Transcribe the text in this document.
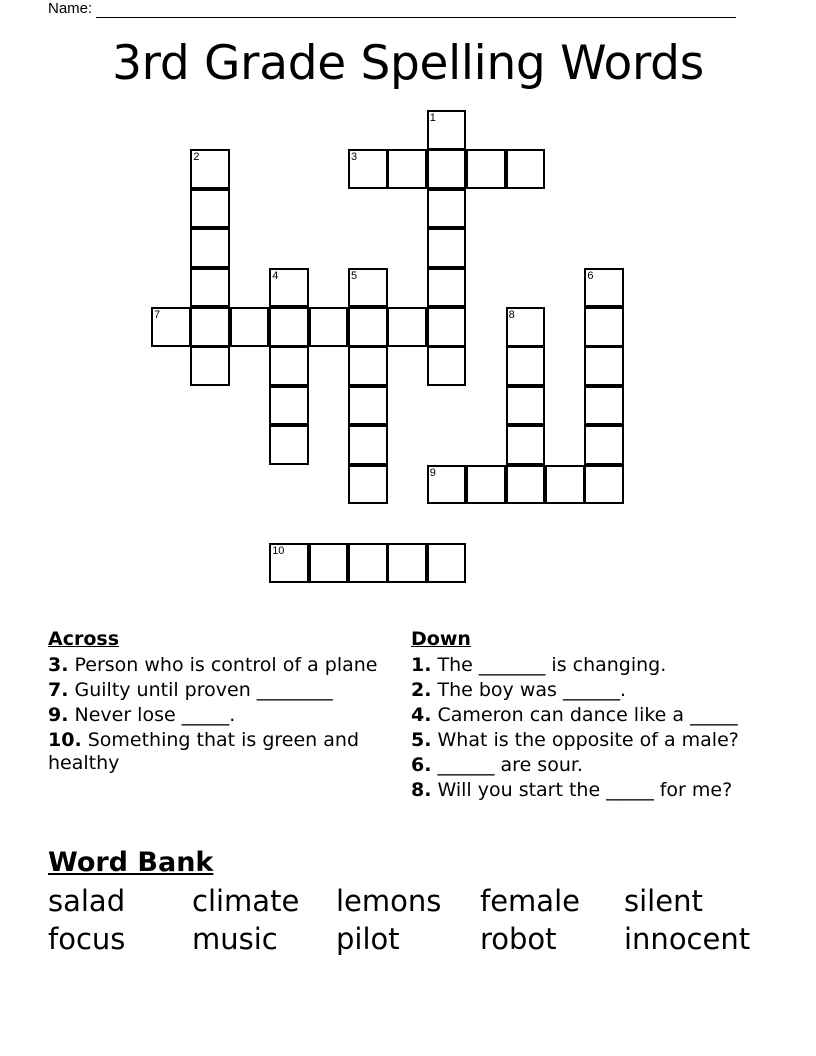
Name:
3rd Grade Spelling Words
1
2	3
4	5	6
7	8
9
10
Across
3. Person who is control of a plane
7. Guilty until proven ________
9. Never lose _____.
10. Something that is green and healthy
Down
1. The _______ is changing.
2. The boy was ______.
4. Cameron can dance like a _____
5. What is the opposite of a male?
6. ______ are sour.
8. Will you start the _____ for me?
Word Bank
salad	climate	lemons	female	silent
focus	music	pilot	robot	innocent
